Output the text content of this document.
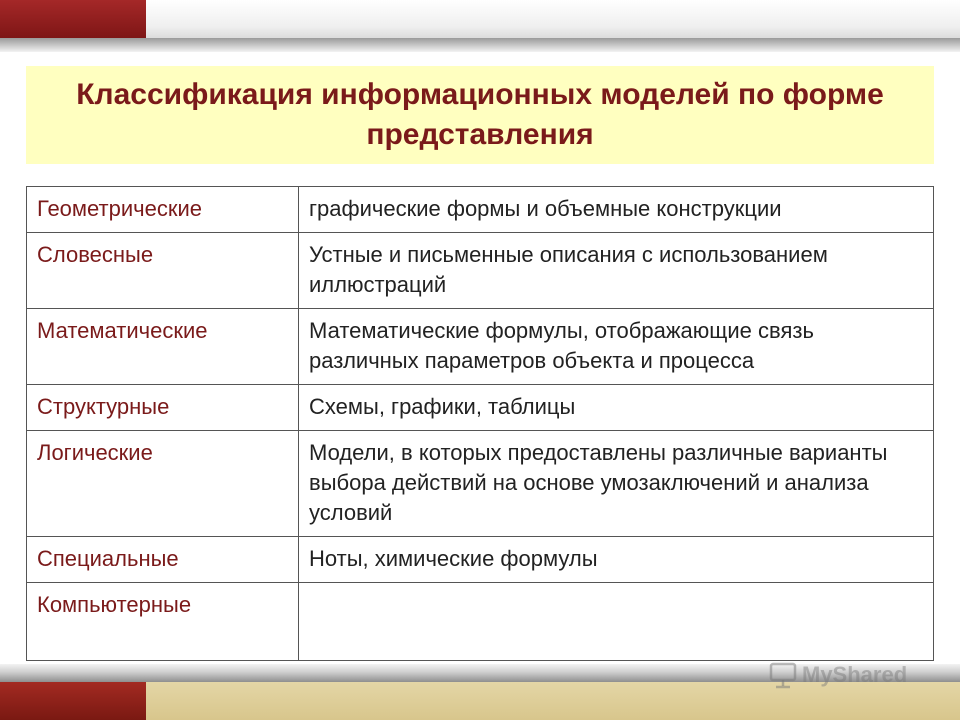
Классификация информационных моделей по форме представления
Геометрические	графические формы и объемные конструкции
Словесные	Устные и письменные описания с использованием иллюстраций
Математические	Математические формулы, отображающие связь различных параметров объекта и процесса
Структурные	Схемы, графики, таблицы
Логические	Модели, в которых предоставлены различные варианты выбора действий на основе умозаключений и анализа условий
Специальные	Ноты, химические формулы
Компьютерные	
MyShared
